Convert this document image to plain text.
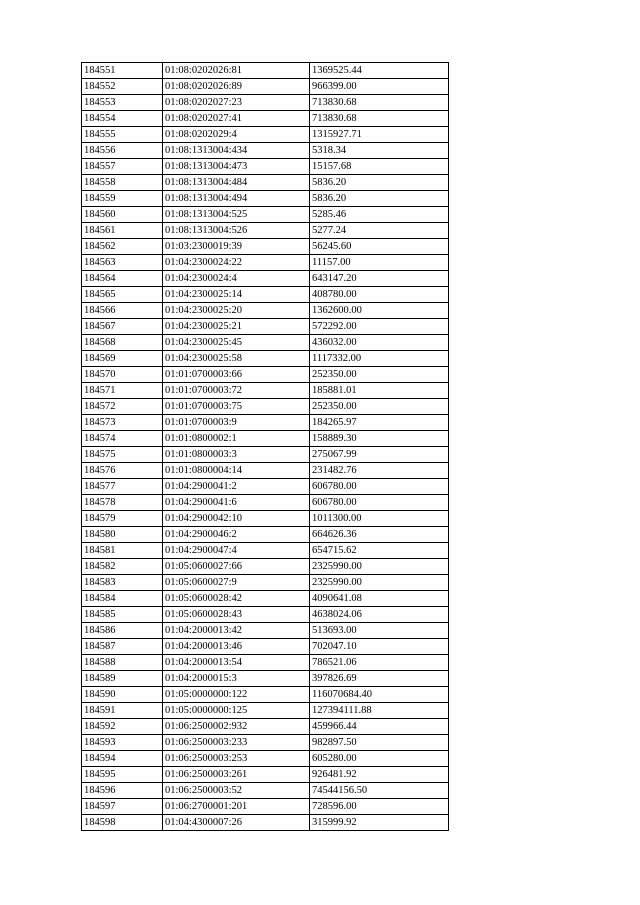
184551	01:08:0202026:81	1369525.44
184552	01:08:0202026:89	966399.00
184553	01:08:0202027:23	713830.68
184554	01:08:0202027:41	713830.68
184555	01:08:0202029:4	1315927.71
184556	01:08:1313004:434	5318.34
184557	01:08:1313004:473	15157.68
184558	01:08:1313004:484	5836.20
184559	01:08:1313004:494	5836.20
184560	01:08:1313004:525	5285.46
184561	01:08:1313004:526	5277.24
184562	01:03:2300019:39	56245.60
184563	01:04:2300024:22	11157.00
184564	01:04:2300024:4	643147.20
184565	01:04:2300025:14	408780.00
184566	01:04:2300025:20	1362600.00
184567	01:04:2300025:21	572292.00
184568	01:04:2300025:45	436032.00
184569	01:04:2300025:58	1117332.00
184570	01:01:0700003:66	252350.00
184571	01:01:0700003:72	185881.01
184572	01:01:0700003:75	252350.00
184573	01:01:0700003:9	184265.97
184574	01:01:0800002:1	158889.30
184575	01:01:0800003:3	275067.99
184576	01:01:0800004:14	231482.76
184577	01:04:2900041:2	606780.00
184578	01:04:2900041:6	606780.00
184579	01:04:2900042:10	1011300.00
184580	01:04:2900046:2	664626.36
184581	01:04:2900047:4	654715.62
184582	01:05:0600027:66	2325990.00
184583	01:05:0600027:9	2325990.00
184584	01:05:0600028:42	4090641.08
184585	01:05:0600028:43	4638024.06
184586	01:04:2000013:42	513693.00
184587	01:04:2000013:46	702047.10
184588	01:04:2000013:54	786521.06
184589	01:04:2000015:3	397826.69
184590	01:05:0000000:122	116070684.40
184591	01:05:0000000:125	127394111.88
184592	01:06:2500002:932	459966.44
184593	01:06:2500003:233	982897.50
184594	01:06:2500003:253	605280.00
184595	01:06:2500003:261	926481.92
184596	01:06:2500003:52	74544156.50
184597	01:06:2700001:201	728596.00
184598	01:04:4300007:26	315999.92
